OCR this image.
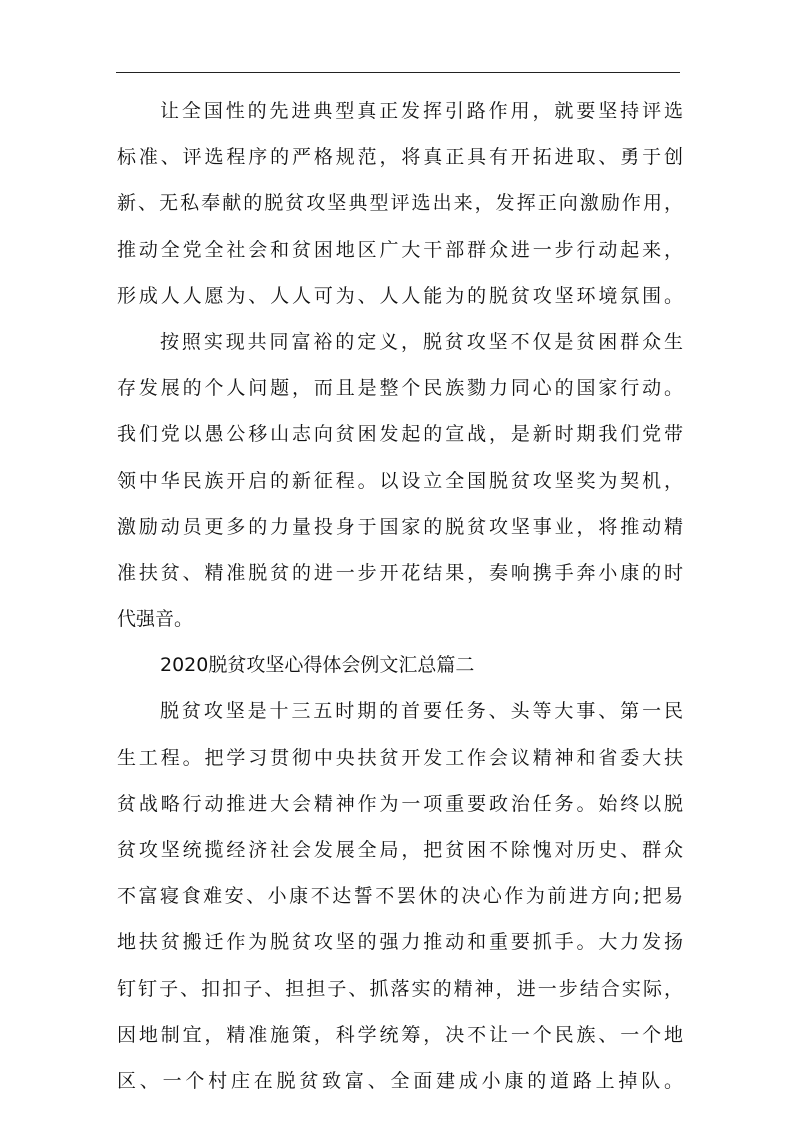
让全国性的先进典型真正发挥引路作用，就要坚持评选
标准、评选程序的严格规范，将真正具有开拓进取、勇于创
新、无私奉献的脱贫攻坚典型评选出来，发挥正向激励作用，
推动全党全社会和贫困地区广大干部群众进一步行动起来，
形成人人愿为、人人可为、人人能为的脱贫攻坚环境氛围。
按照实现共同富裕的定义，脱贫攻坚不仅是贫困群众生
存发展的个人问题，而且是整个民族勠力同心的国家行动。
我们党以愚公移山志向贫困发起的宣战，是新时期我们党带
领中华民族开启的新征程。以设立全国脱贫攻坚奖为契机，
激励动员更多的力量投身于国家的脱贫攻坚事业，将推动精
准扶贫、精准脱贫的进一步开花结果，奏响携手奔小康的时
代强音。
2020脱贫攻坚心得体会例文汇总篇二
脱贫攻坚是十三五时期的首要任务、头等大事、第一民
生工程。把学习贯彻中央扶贫开发工作会议精神和省委大扶
贫战略行动推进大会精神作为一项重要政治任务。始终以脱
贫攻坚统揽经济社会发展全局，把贫困不除愧对历史、群众
不富寝食难安、小康不达誓不罢休的决心作为前进方向;把易
地扶贫搬迁作为脱贫攻坚的强力推动和重要抓手。大力发扬
钉钉子、扣扣子、担担子、抓落实的精神，进一步结合实际，
因地制宜，精准施策，科学统筹，决不让一个民族、一个地
区、一个村庄在脱贫致富、全面建成小康的道路上掉队。
